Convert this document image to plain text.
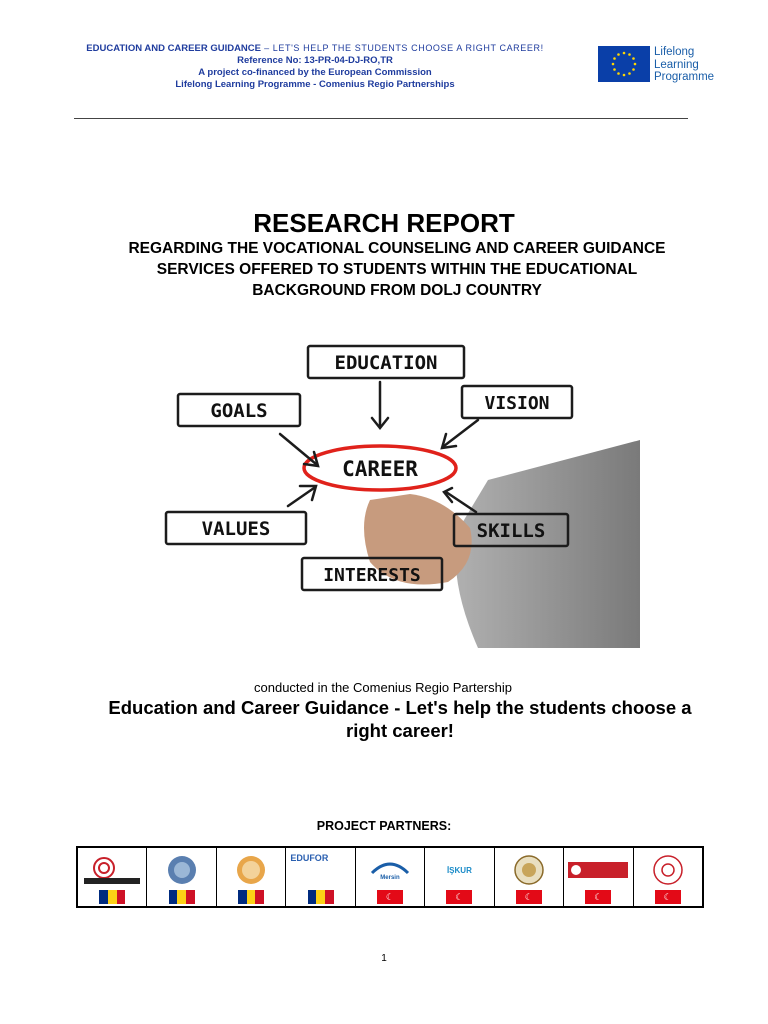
EDUCATION AND CAREER GUIDANCE – LET'S HELP THE STUDENTS CHOOSE A RIGHT CAREER!
Reference No: 13-PR-04-DJ-RO,TR
A project co-financed by the European Commission
Lifelong Learning Programme - Comenius Regio Partnerships
Lifelong
Learning
Programme
RESEARCH REPORT
REGARDING THE VOCATIONAL COUNSELING AND CAREER GUIDANCE SERVICES OFFERED TO STUDENTS WITHIN THE EDUCATIONAL BACKGROUND FROM DOLJ COUNTRY
EDUCATION
GOALS	VISION
CAREER
VALUES	SKILLS
INTERESTS
conducted in the Comenius Regio Partership
Education and Career Guidance - Let's help the students choose a right career!
PROJECT PARTNERS:
EDUFOR
Mersin
☾
İŞKUR
☾	☾	☾	☾
1
